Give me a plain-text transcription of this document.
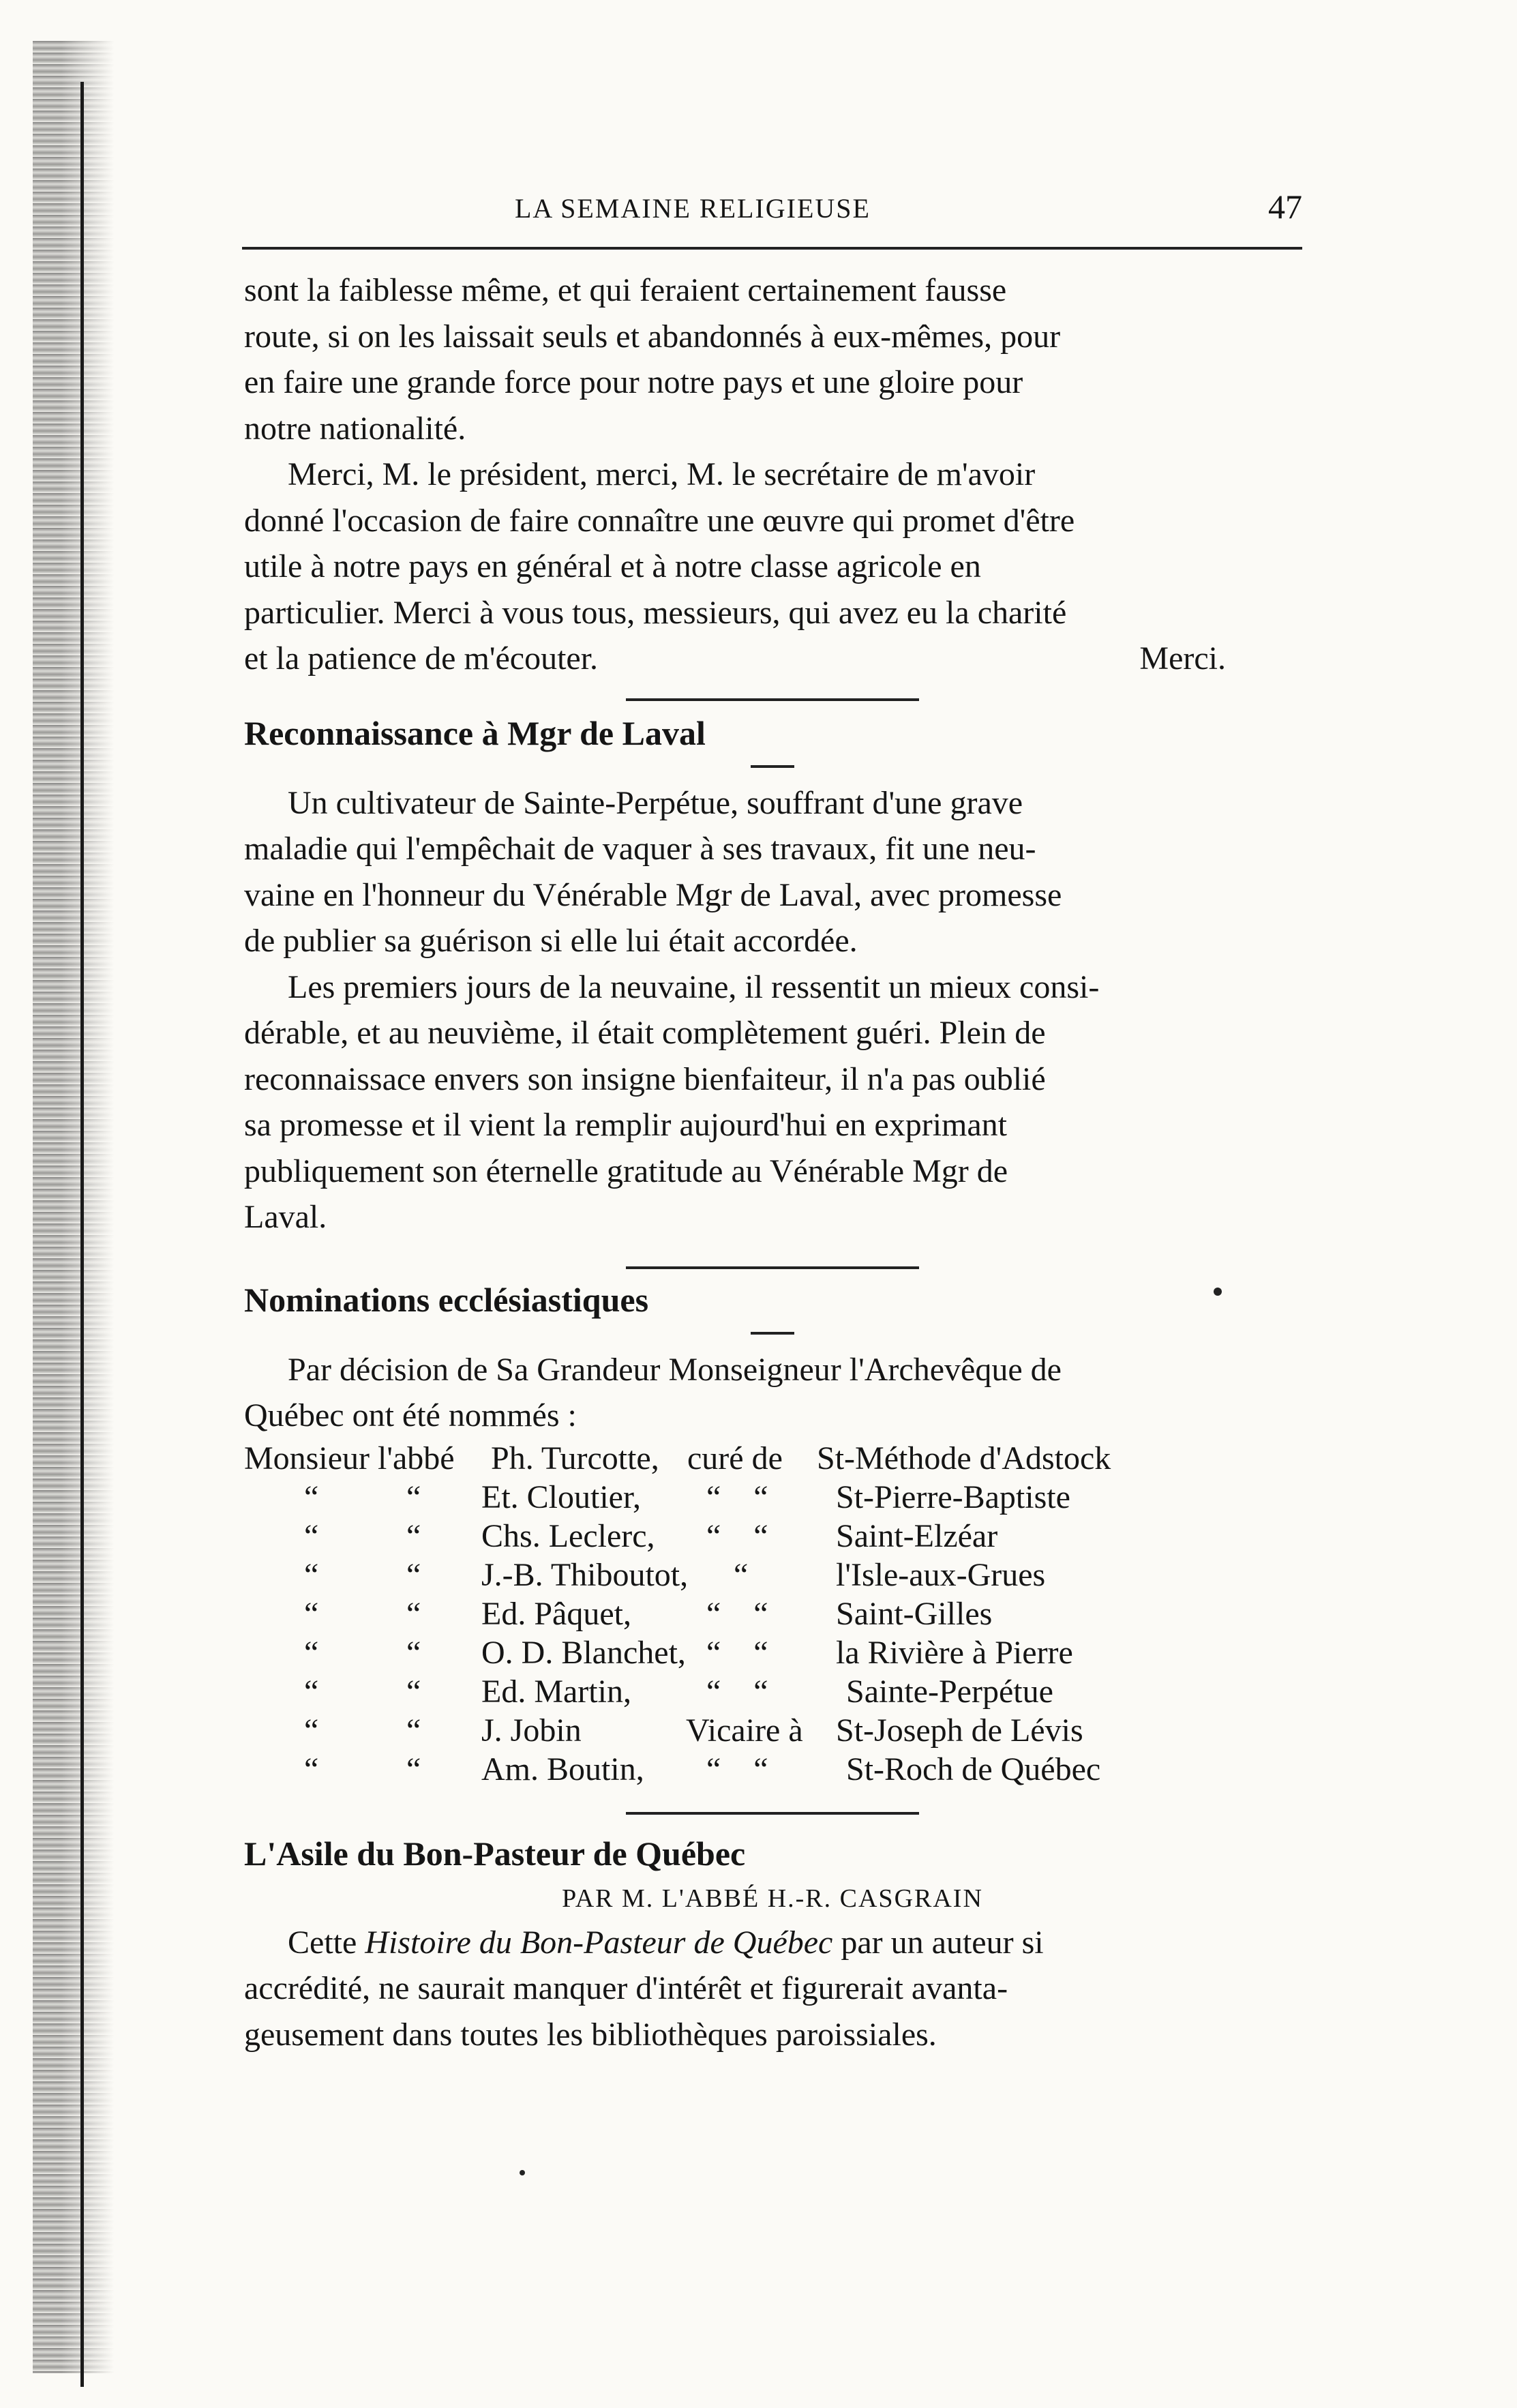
LA SEMAINE RELIGIEUSE	47

sont la faiblesse même, et qui feraient certainement fausse
route, si on les laissait seuls et abandonnés à eux-mêmes, pour
en faire une grande force pour notre pays et une gloire pour
notre nationalité.

Merci, M. le président, merci, M. le secrétaire de m'avoir
donné l'occasion de faire connaître une œuvre qui promet d'être
utile à notre pays en général et à notre classe agricole en
particulier. Merci à vous tous, messieurs, qui avez eu la charité

et la patience de m'écouter.	Merci.

Reconnaissance à Mgr de Laval

Un cultivateur de Sainte-Perpétue, souffrant d'une grave
maladie qui l'empêchait de vaquer à ses travaux, fit une neu-
vaine en l'honneur du Vénérable Mgr de Laval, avec promesse
de publier sa guérison si elle lui était accordée.

Les premiers jours de la neuvaine, il ressentit un mieux consi-
dérable, et au neuvième, il était complètement guéri. Plein de
reconnaissace envers son insigne bienfaiteur, il n'a pas oublié
sa promesse et il vient la remplir aujourd'hui en exprimant
publiquement son éternelle gratitude au Vénérable Mgr de
Laval.

Nominations ecclésiastiques

Par décision de Sa Grandeur Monseigneur l'Archevêque de
Québec ont été nommés :

Monsieur l'abbé	Ph. Turcotte, curé de	St-Méthode d'Adstock
“	“	Et. Cloutier,	“    “	St-Pierre-Baptiste
“	“	Chs. Leclerc,	“    “	Saint-Elzéar
“	“	J.-B. Thiboutot,	“	l'Isle-aux-Grues
“	“	Ed. Pâquet,	“    “	Saint-Gilles
“	“	O. D. Blanchet, “    “	la Rivière à Pierre
“	“	Ed. Martin,	“    “	Sainte-Perpétue
“	“	J. Jobin	Vicaire à	St-Joseph de Lévis
“	“	Am. Boutin,	“    “	St-Roch de Québec

L'Asile du Bon-Pasteur de Québec

PAR M. L'ABBÉ H.-R. CASGRAIN

Cette Histoire du Bon-Pasteur de Québec par un auteur si
accrédité, ne saurait manquer d'intérêt et figurerait avanta-
geusement dans toutes les bibliothèques paroissiales.
